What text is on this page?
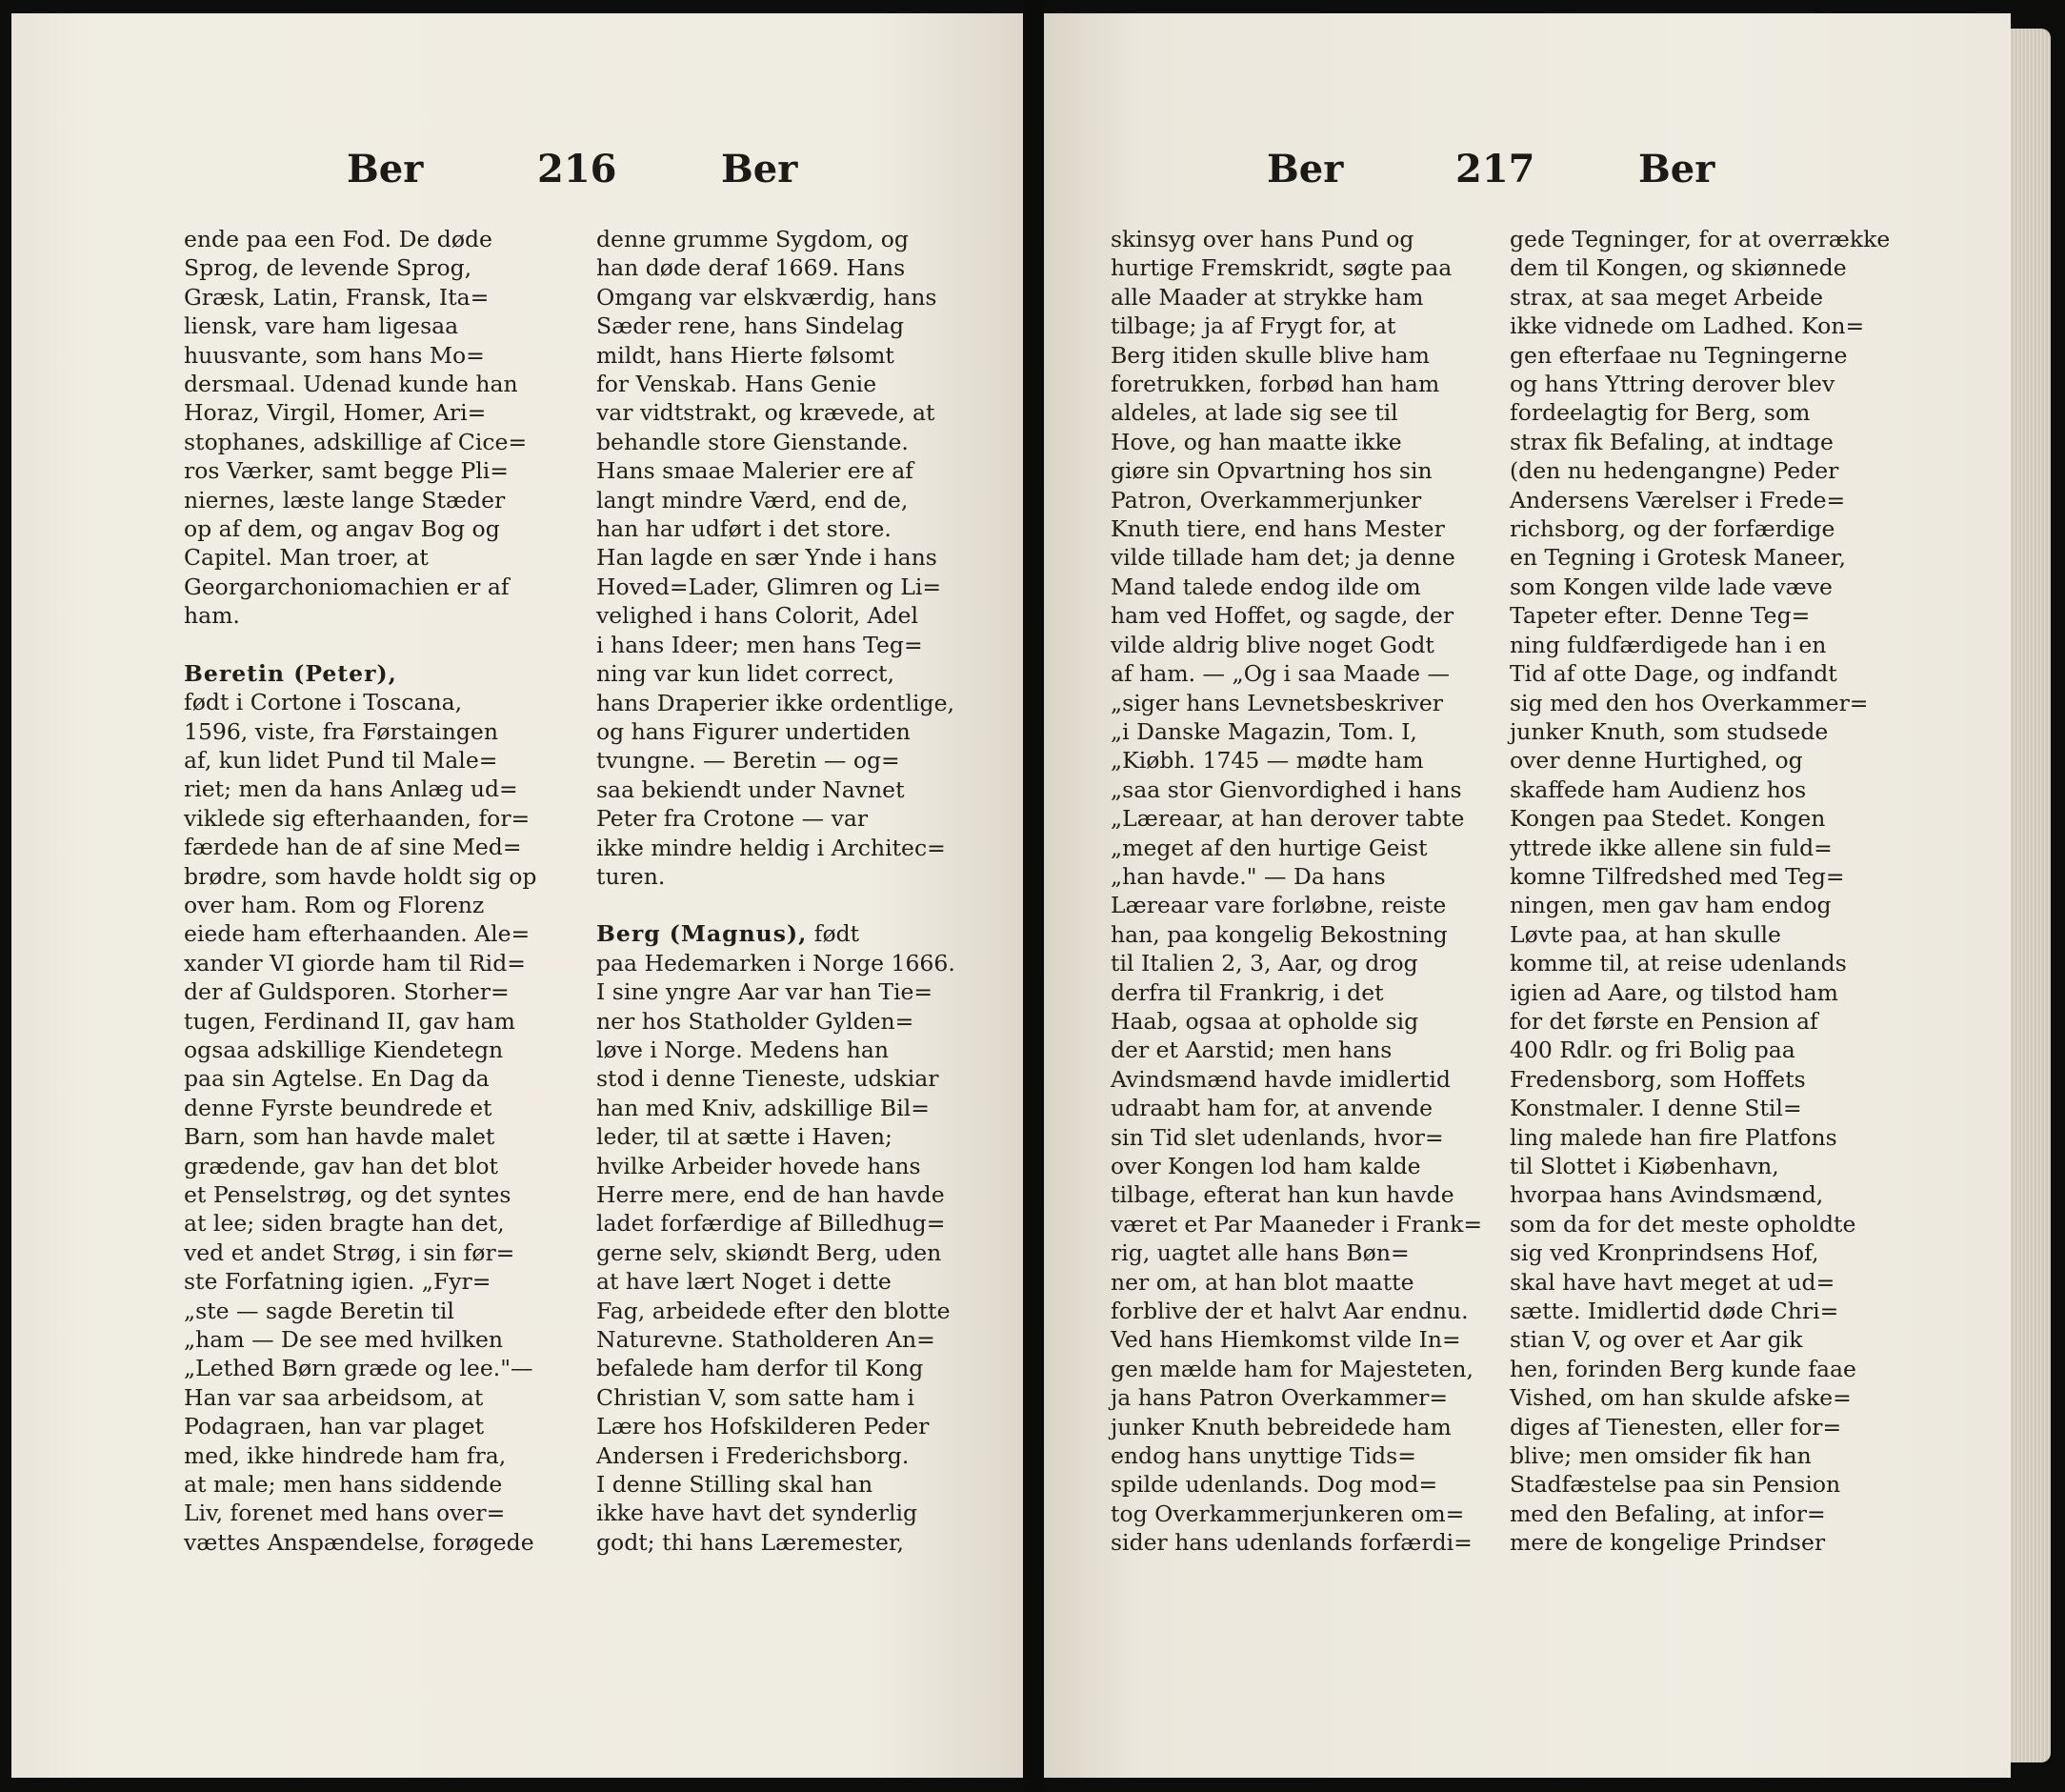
Ber	216	Ber

ende paa een Fod. De døde
Sprog, de levende Sprog,
Græsk, Latin, Fransk, Ita=
liensk, vare ham ligesaa
huusvante, som hans Mo=
dersmaal. Udenad kunde han
Horaz, Virgil, Homer, Ari=
stophanes, adskillige af Cice=
ros Værker, samt begge Pli=
niernes, læste lange Stæder
op af dem, og angav Bog og
Capitel. Man troer, at
Georgarchoniomachien er af
ham.

Beretin (Peter),

født i Cortone i Toscana,
1596, viste, fra Førstaingen
af, kun lidet Pund til Male=
riet; men da hans Anlæg ud=
viklede sig efterhaanden, for=
færdede han de af sine Med=
brødre, som havde holdt sig op
over ham. Rom og Florenz
eiede ham efterhaanden. Ale=
xander VI giorde ham til Rid=
der af Guldsporen. Storher=
tugen, Ferdinand II, gav ham
ogsaa adskillige Kiendetegn
paa sin Agtelse. En Dag da
denne Fyrste beundrede et
Barn, som han havde malet
grædende, gav han det blot
et Penselstrøg, og det syntes
at lee; siden bragte han det,
ved et andet Strøg, i sin før=
ste Forfatning igien. „Fyr=
„ste — sagde Beretin til
„ham — De see med hvilken
„Lethed Børn græde og lee."—
Han var saa arbeidsom, at
Podagraen, han var plaget
med, ikke hindrede ham fra,
at male; men hans siddende
Liv, forenet med hans over=
vættes Anspændelse, forøgede

denne grumme Sygdom, og
han døde deraf 1669. Hans
Omgang var elskværdig, hans
Sæder rene, hans Sindelag
mildt, hans Hierte følsomt
for Venskab. Hans Genie
var vidtstrakt, og krævede, at
behandle store Gienstande.
Hans smaae Malerier ere af
langt mindre Værd, end de,
han har udført i det store.
Han lagde en sær Ynde i hans
Hoved=Lader, Glimren og Li=
velighed i hans Colorit, Adel
i hans Ideer; men hans Teg=
ning var kun lidet correct,
hans Draperier ikke ordentlige,
og hans Figurer undertiden
tvungne. — Beretin — og=
saa bekiendt under Navnet
Peter fra Crotone — var
ikke mindre heldig i Architec=
turen.

Berg (Magnus), født

paa Hedemarken i Norge 1666.
I sine yngre Aar var han Tie=
ner hos Statholder Gylden=
løve i Norge. Medens han
stod i denne Tieneste, udskiar
han med Kniv, adskillige Bil=
leder, til at sætte i Haven;
hvilke Arbeider hovede hans
Herre mere, end de han havde
ladet forfærdige af Billedhug=
gerne selv, skiøndt Berg, uden
at have lært Noget i dette
Fag, arbeidede efter den blotte
Naturevne. Statholderen An=
befalede ham derfor til Kong
Christian V, som satte ham i
Lære hos Hofskilderen Peder
Andersen i Frederichsborg.
I denne Stilling skal han
ikke have havt det synderlig
godt; thi hans Læremester,

Ber	217	Ber

skinsyg over hans Pund og
hurtige Fremskridt, søgte paa
alle Maader at strykke ham
tilbage; ja af Frygt for, at
Berg itiden skulle blive ham
foretrukken, forbød han ham
aldeles, at lade sig see til
Hove, og han maatte ikke
giøre sin Opvartning hos sin
Patron, Overkammerjunker
Knuth tiere, end hans Mester
vilde tillade ham det; ja denne
Mand talede endog ilde om
ham ved Hoffet, og sagde, der
vilde aldrig blive noget Godt
af ham. — „Og i saa Maade —
„siger hans Levnetsbeskriver
„i Danske Magazin, Tom. I,
„Kiøbh. 1745 — mødte ham
„saa stor Gienvordighed i hans
„Læreaar, at han derover tabte
„meget af den hurtige Geist
„han havde." — Da hans
Læreaar vare forløbne, reiste
han, paa kongelig Bekostning
til Italien 2, 3, Aar, og drog
derfra til Frankrig, i det
Haab, ogsaa at opholde sig
der et Aarstid; men hans
Avindsmænd havde imidlertid
udraabt ham for, at anvende
sin Tid slet udenlands, hvor=
over Kongen lod ham kalde
tilbage, efterat han kun havde
været et Par Maaneder i Frank=
rig, uagtet alle hans Bøn=
ner om, at han blot maatte
forblive der et halvt Aar endnu.
Ved hans Hiemkomst vilde In=
gen mælde ham for Majesteten,
ja hans Patron Overkammer=
junker Knuth bebreidede ham
endog hans unyttige Tids=
spilde udenlands. Dog mod=
tog Overkammerjunkeren om=
sider hans udenlands forfærdi=

gede Tegninger, for at overrække
dem til Kongen, og skiønnede
strax, at saa meget Arbeide
ikke vidnede om Ladhed. Kon=
gen efterfaae nu Tegningerne
og hans Yttring derover blev
fordeelagtig for Berg, som
strax fik Befaling, at indtage
(den nu hedengangne) Peder
Andersens Værelser i Frede=
richsborg, og der forfærdige
en Tegning i Grotesk Maneer,
som Kongen vilde lade væve
Tapeter efter. Denne Teg=
ning fuldfærdigede han i en
Tid af otte Dage, og indfandt
sig med den hos Overkammer=
junker Knuth, som studsede
over denne Hurtighed, og
skaffede ham Audienz hos
Kongen paa Stedet. Kongen
yttrede ikke allene sin fuld=
komne Tilfredshed med Teg=
ningen, men gav ham endog
Løvte paa, at han skulle
komme til, at reise udenlands
igien ad Aare, og tilstod ham
for det første en Pension af
400 Rdlr. og fri Bolig paa
Fredensborg, som Hoffets
Konstmaler. I denne Stil=
ling malede han fire Platfons
til Slottet i Kiøbenhavn,
hvorpaa hans Avindsmænd,
som da for det meste opholdte
sig ved Kronprindsens Hof,
skal have havt meget at ud=
sætte. Imidlertid døde Chri=
stian V, og over et Aar gik
hen, forinden Berg kunde faae
Vished, om han skulde afske=
diges af Tienesten, eller for=
blive; men omsider fik han
Stadfæstelse paa sin Pension
med den Befaling, at infor=
mere de kongelige Prindser
